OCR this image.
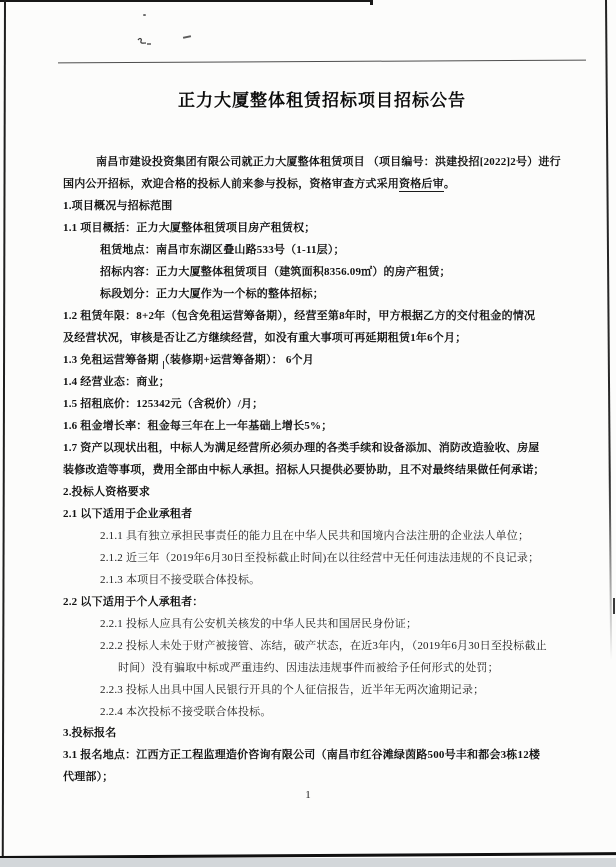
正力大厦整体租赁招标项目招标公告
南昌市建设投资集团有限公司就正力大厦整体租赁项目 （项目编号：洪建投招[2022]2号）进行
国内公开招标，欢迎合格的投标人前来参与投标，资格审查方式采用资格后审。
1.项目概况与招标范围
1.1 项目概括：正力大厦整体租赁项目房产租赁权；
租赁地点：南昌市东湖区叠山路533号（1-11层）；
招标内容：正力大厦整体租赁项目（建筑面积8356.09㎡）的房产租赁；
标段划分：正力大厦作为一个标的整体招标；
1.2 租赁年限：8+2年（包含免租运营筹备期），经营至第8年时，甲方根据乙方的交付租金的情况
及经营状况，审核是否让乙方继续经营，如没有重大事项可再延期租赁1年6个月；
1.3 免租运营筹备期（装修期+运营筹备期）： 6个月
1.4 经营业态：商业；
1.5 招租底价：125342元（含税价）/月；
1.6 租金增长率：租金每三年在上一年基础上增长5%；
1.7 资产以现状出租，中标人为满足经营所必须办理的各类手续和设备添加、消防改造验收、房屋
装修改造等事项，费用全部由中标人承担。招标人只提供必要协助，且不对最终结果做任何承诺；
2.投标人资格要求
2.1 以下适用于企业承租者
2.1.1 具有独立承担民事责任的能力且在中华人民共和国境内合法注册的企业法人单位；
2.1.2 近三年（2019年6月30日至投标截止时间)在以往经营中无任何违法违规的不良记录；
2.1.3 本项目不接受联合体投标。
2.2 以下适用于个人承租者：
2.2.1 投标人应具有公安机关核发的中华人民共和国居民身份证；
2.2.2 投标人未处于财产被接管、冻结，破产状态，在近3年内，（2019年6月30日至投标截止
时间）没有骗取中标或严重违约、因违法违规事件而被给予任何形式的处罚；
2.2.3 投标人出具中国人民银行开具的个人征信报告，近半年无两次逾期记录；
2.2.4 本次投标不接受联合体投标。
3.投标报名
3.1 报名地点：江西方正工程监理造价咨询有限公司（南昌市红谷滩绿茵路500号丰和都会3栋12楼
代理部）；
1
